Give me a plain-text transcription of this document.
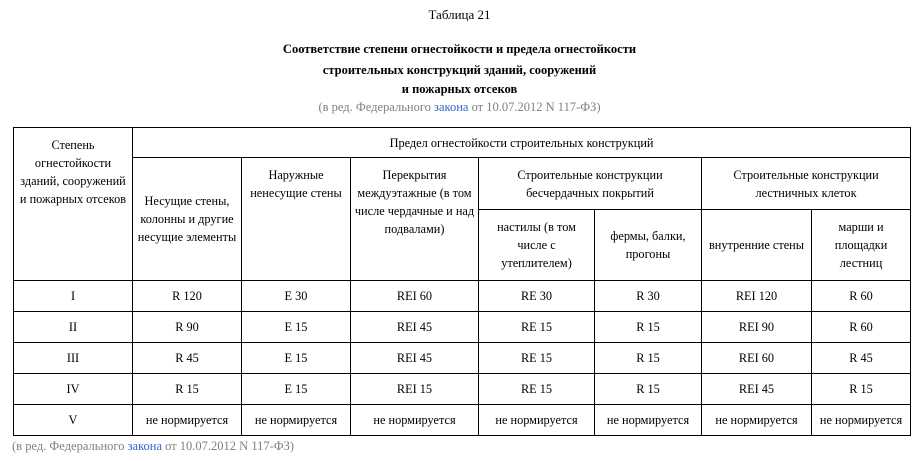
Таблица 21
Соответствие степени огнестойкости и предела огнестойкости
строительных конструкций зданий, сооружений
и пожарных отсеков
(в ред. Федерального закона от 10.07.2012 N 117-ФЗ)
Степень огнестойкости зданий, сооружений и пожарных отсеков	Предел огнестойкости строительных конструкций						
	Несущие стены, колонны и другие несущие элементы	Наружные ненесущие стены	Перекрытия междуэтажные (в том числе чердачные и над подвалами)	Строительные конструкции бесчердачных покрытий		Строительные конструкции лестничных клеток	
				настилы (в том числе с утеплителем)	фермы, балки, прогоны	внутренние стены	марши и площадки лестниц
I	R 120	E 30	REI 60	RE 30	R 30	REI 120	R 60
II	R 90	E 15	REI 45	RE 15	R 15	REI 90	R 60
III	R 45	E 15	REI 45	RE 15	R 15	REI 60	R 45
IV	R 15	E 15	REI 15	RE 15	R 15	REI 45	R 15
V	не нормируется	не нормируется	не нормируется	не нормируется	не нормируется	не нормируется	не нормируется
(в ред. Федерального закона от 10.07.2012 N 117-ФЗ)
